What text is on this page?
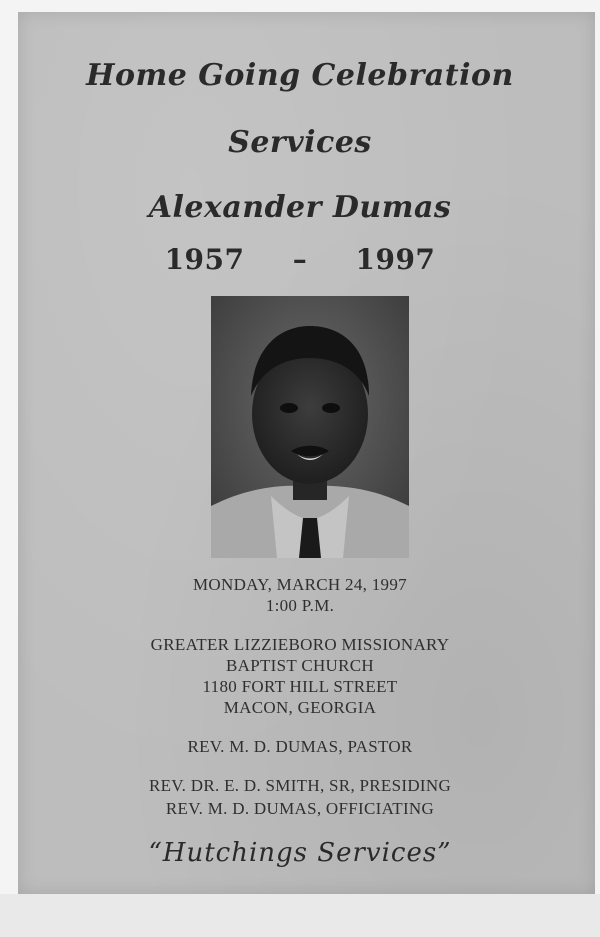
Home Going Celebration
Services
Alexander Dumas
1957 – 1997
MONDAY, MARCH 24, 1997
1:00 P.M.
GREATER LIZZIEBORO MISSIONARY
BAPTIST CHURCH
1180 FORT HILL STREET
MACON, GEORGIA
REV. M. D. DUMAS, PASTOR
REV. DR. E. D. SMITH, SR, PRESIDING
REV. M. D. DUMAS, OFFICIATING
“Hutchings Services”
